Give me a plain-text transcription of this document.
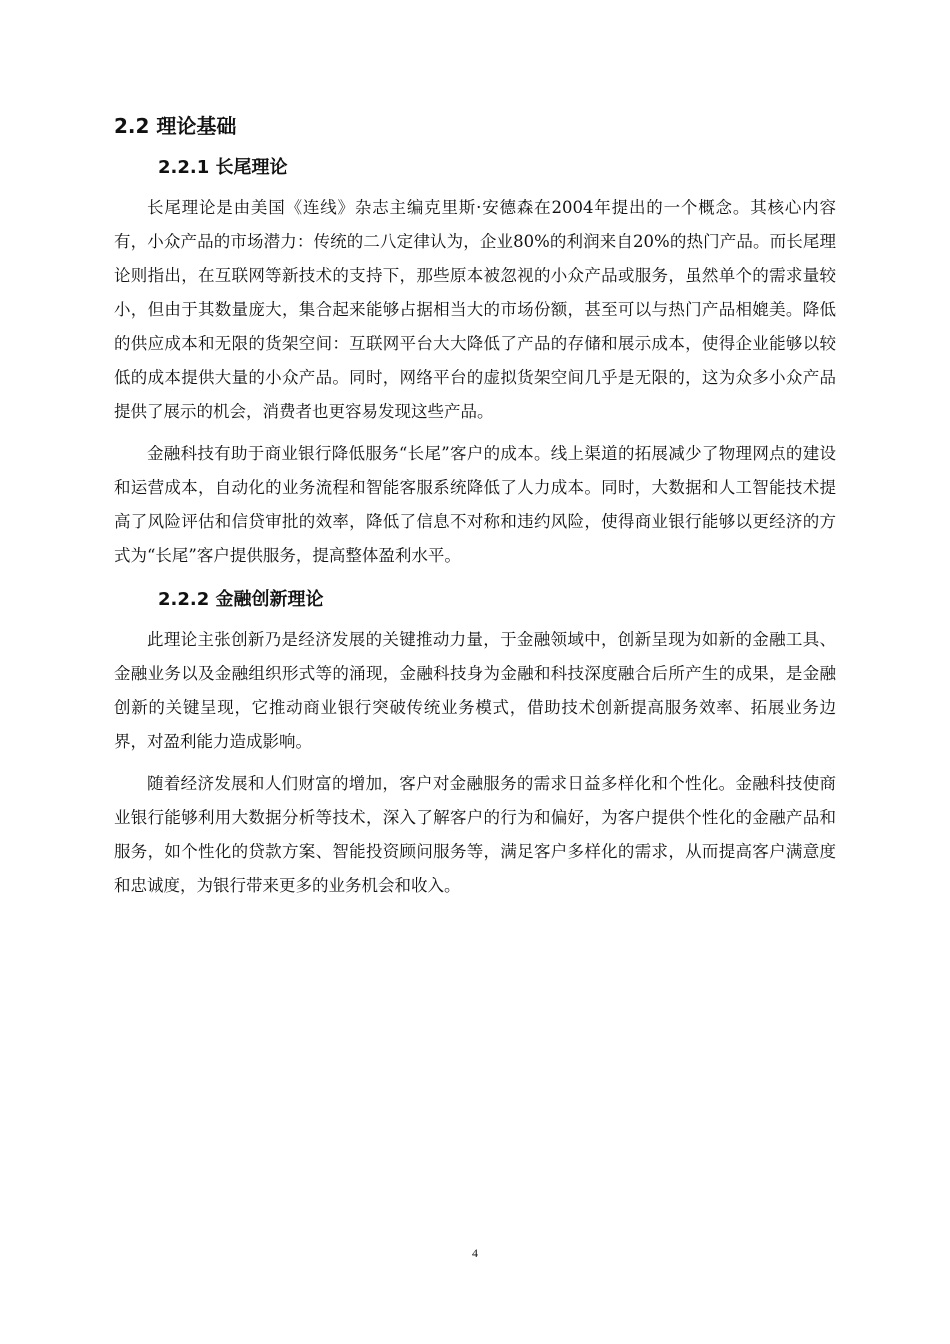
2.2 理论基础
2.2.1 长尾理论

长尾理论是由美国《连线》杂志主编克里斯·安德森在2004年提出的一个概念。其核心内容有，小众产品的市场潜力：传统的二八定律认为，企业80%的利润来自20%的热门产品。而长尾理论则指出，在互联网等新技术的支持下，那些原本被忽视的小众产品或服务，虽然单个的需求量较小，但由于其数量庞大，集合起来能够占据相当大的市场份额，甚至可以与热门产品相媲美。降低的供应成本和无限的货架空间：互联网平台大大降低了产品的存储和展示成本，使得企业能够以较低的成本提供大量的小众产品。同时，网络平台的虚拟货架空间几乎是无限的，这为众多小众产品提供了展示的机会，消费者也更容易发现这些产品。

金融科技有助于商业银行降低服务“长尾”客户的成本。线上渠道的拓展减少了物理网点的建设和运营成本，自动化的业务流程和智能客服系统降低了人力成本。同时，大数据和人工智能技术提高了风险评估和信贷审批的效率，降低了信息不对称和违约风险，使得商业银行能够以更经济的方式为“长尾”客户提供服务，提高整体盈利水平。

2.2.2 金融创新理论

此理论主张创新乃是经济发展的关键推动力量，于金融领域中，创新呈现为如新的金融工具、金融业务以及金融组织形式等的涌现，金融科技身为金融和科技深度融合后所产生的成果，是金融创新的关键呈现，它推动商业银行突破传统业务模式，借助技术创新提高服务效率、拓展业务边界，对盈利能力造成影响。

随着经济发展和人们财富的增加，客户对金融服务的需求日益多样化和个性化。金融科技使商业银行能够利用大数据分析等技术，深入了解客户的行为和偏好，为客户提供个性化的金融产品和服务，如个性化的贷款方案、智能投资顾问服务等，满足客户多样化的需求，从而提高客户满意度和忠诚度，为银行带来更多的业务机会和收入。

4
